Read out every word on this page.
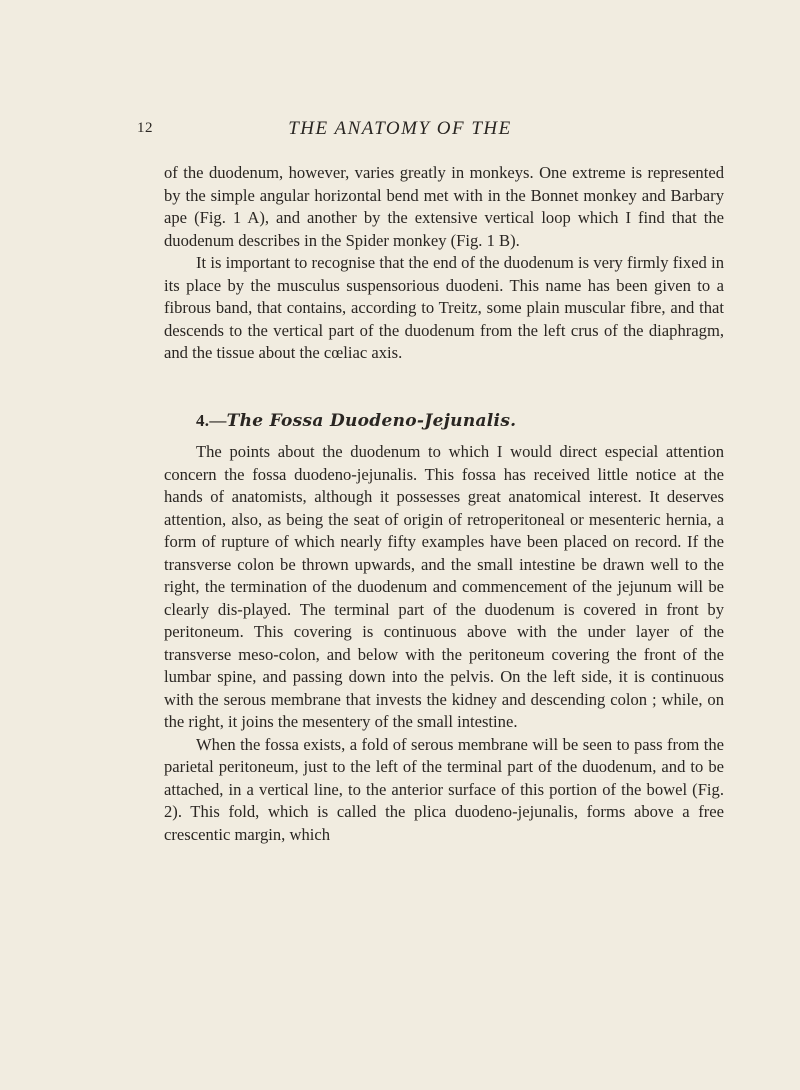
12	THE ANATOMY OF THE

of the duodenum, however, varies greatly in monkeys. One extreme is represented by the simple angular horizontal bend met with in the Bonnet monkey and Barbary ape (Fig. 1 A), and another by the extensive vertical loop which I find that the duodenum describes in the Spider monkey (Fig. 1 B).

It is important to recognise that the end of the duodenum is very firmly fixed in its place by the musculus suspensorious duodeni. This name has been given to a fibrous band, that contains, according to Treitz, some plain muscular fibre, and that descends to the vertical part of the duodenum from the left crus of the diaphragm, and the tissue about the cœliac axis.

4.—The Fossa Duodeno-Jejunalis.

The points about the duodenum to which I would direct especial attention concern the fossa duodeno-jejunalis. This fossa has received little notice at the hands of anatomists, although it possesses great anatomical interest. It deserves attention, also, as being the seat of origin of retroperitoneal or mesenteric hernia, a form of rupture of which nearly fifty examples have been placed on record. If the transverse colon be thrown upwards, and the small intestine be drawn well to the right, the termination of the duodenum and commencement of the jejunum will be clearly dis-played. The terminal part of the duodenum is covered in front by peritoneum. This covering is continuous above with the under layer of the transverse meso-colon, and below with the peritoneum covering the front of the lumbar spine, and passing down into the pelvis. On the left side, it is continuous with the serous membrane that invests the kidney and descending colon ; while, on the right, it joins the mesentery of the small intestine.

When the fossa exists, a fold of serous membrane will be seen to pass from the parietal peritoneum, just to the left of the terminal part of the duodenum, and to be attached, in a vertical line, to the anterior surface of this portion of the bowel (Fig. 2). This fold, which is called the plica duodeno-jejunalis, forms above a free crescentic margin, which
